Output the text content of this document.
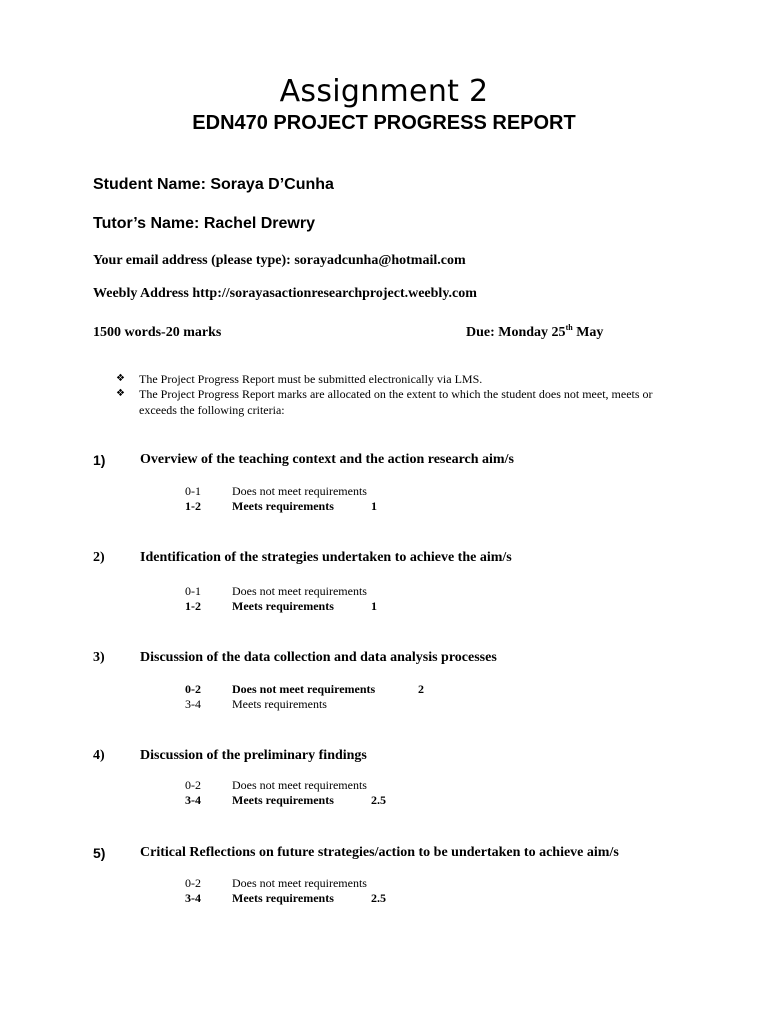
Assignment 2
EDN470 PROJECT PROGRESS REPORT
Student Name: Soraya D’Cunha
Tutor’s Name: Rachel Drewry
Your email address (please type): sorayadcunha@hotmail.com
Weebly Address http://sorayasactionresearchproject.weebly.com
1500 words-20 marks	Due: Monday 25th May
❖ The Project Progress Report must be submitted electronically via LMS.
❖ The Project Progress Report marks are allocated on the extent to which the student does not meet, meets or exceeds the following criteria:
1) Overview of the teaching context and the action research aim/s
0-1	Does not meet requirements
1-2	Meets requirements	1
2)	Identification of the strategies undertaken to achieve the aim/s
0-1	Does not meet requirements
1-2	Meets requirements	1
3)	Discussion of the data collection and data analysis processes
0-2	Does not meet requirements	2
3-4	Meets requirements
4)	Discussion of the preliminary findings
0-2	Does not meet requirements
3-4	Meets requirements	2.5
5) Critical Reflections on future strategies/action to be undertaken to achieve aim/s
0-2	Does not meet requirements
3-4	Meets requirements	2.5
